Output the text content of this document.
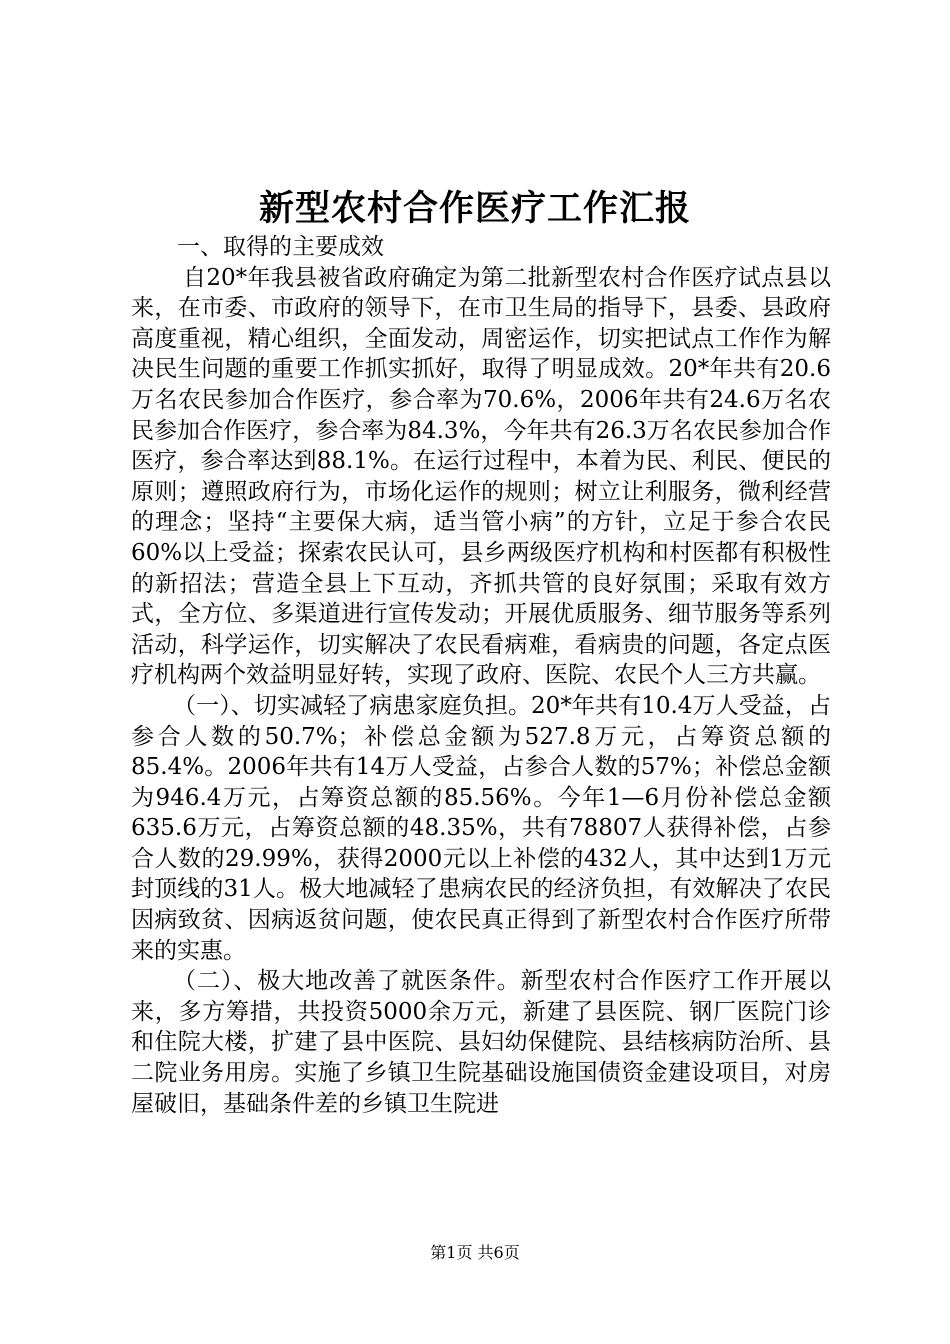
新型农村合作医疗工作汇报

一、取得的主要成效

自20*年我县被省政府确定为第二批新型农村合作医疗试点县以来，在市委、市政府的领导下，在市卫生局的指导下，县委、县政府高度重视，精心组织，全面发动，周密运作，切实把试点工作作为解决民生问题的重要工作抓实抓好，取得了明显成效。20*年共有20.6万名农民参加合作医疗，参合率为70.6%，2006年共有24.6万名农民参加合作医疗，参合率为84.3%，今年共有26.3万名农民参加合作医疗，参合率达到88.1%。在运行过程中，本着为民、利民、便民的原则；遵照政府行为，市场化运作的规则；树立让利服务，微利经营的理念；坚持“主要保大病，适当管小病”的方针，立足于参合农民60%以上受益；探索农民认可，县乡两级医疗机构和村医都有积极性的新招法；营造全县上下互动，齐抓共管的良好氛围；采取有效方式，全方位、多渠道进行宣传发动；开展优质服务、细节服务等系列活动，科学运作，切实解决了农民看病难，看病贵的问题，各定点医疗机构两个效益明显好转，实现了政府、医院、农民个人三方共赢。

（一）、切实减轻了病患家庭负担。20*年共有10.4万人受益，占参合人数的50.7%；补偿总金额为527.8万元，占筹资总额的85.4%。2006年共有14万人受益，占参合人数的57%；补偿总金额为946.4万元，占筹资总额的85.56%。今年1—6月份补偿总金额635.6万元，占筹资总额的48.35%，共有78807人获得补偿，占参合人数的29.99%，获得2000元以上补偿的432人，其中达到1万元封顶线的31人。极大地减轻了患病农民的经济负担，有效解决了农民因病致贫、因病返贫问题，使农民真正得到了新型农村合作医疗所带来的实惠。

（二）、极大地改善了就医条件。新型农村合作医疗工作开展以来，多方筹措，共投资5000余万元，新建了县医院、钢厂医院门诊和住院大楼，扩建了县中医院、县妇幼保健院、县结核病防治所、县二院业务用房。实施了乡镇卫生院基础设施国债资金建设项目，对房屋破旧，基础条件差的乡镇卫生院进

第1页 共6页
